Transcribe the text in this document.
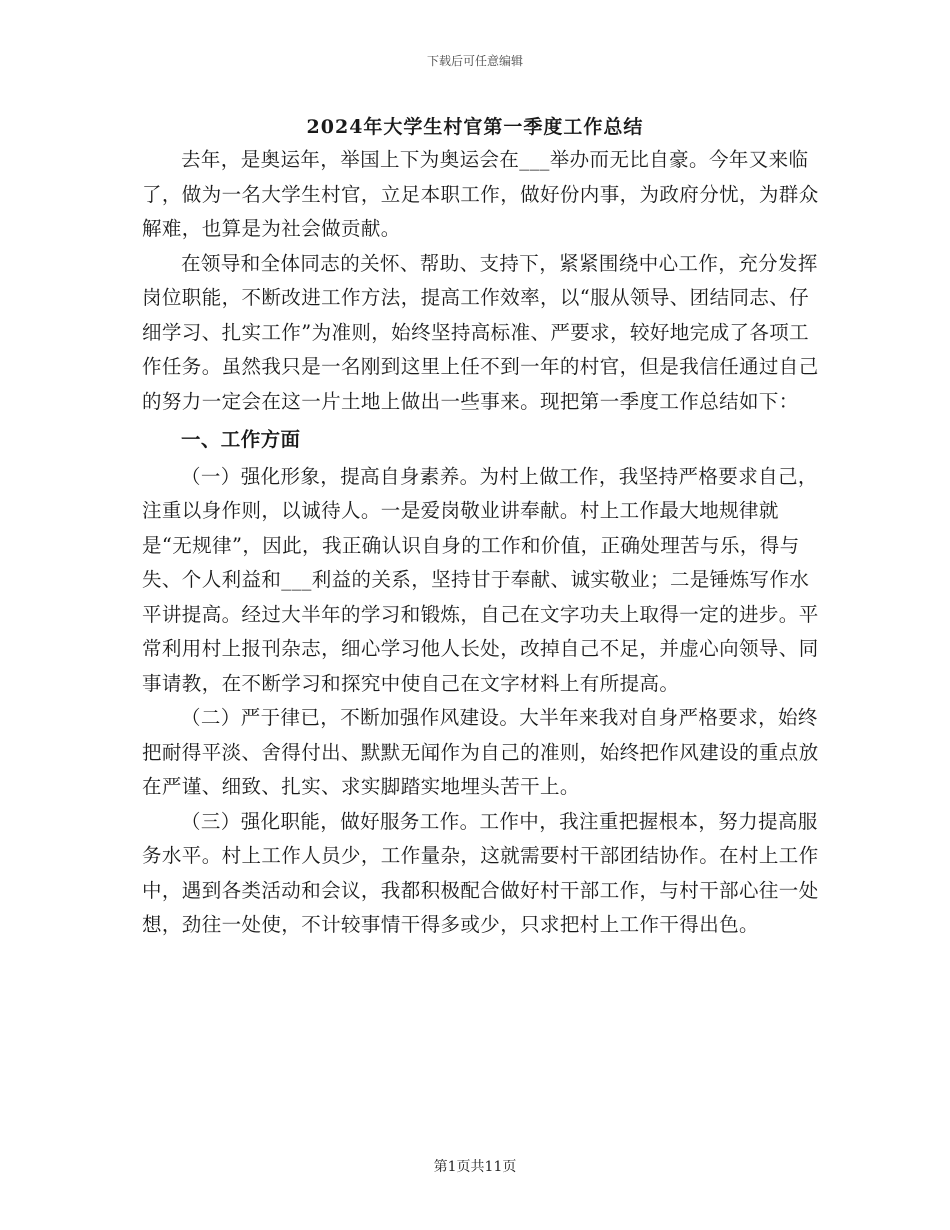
下载后可任意编辑
2024年大学生村官第一季度工作总结

去年，是奥运年，举国上下为奥运会在___举办而无比自豪。今年又来临了，做为一名大学生村官，立足本职工作，做好份内事，为政府分忧，为群众解难，也算是为社会做贡献。

在领导和全体同志的关怀、帮助、支持下，紧紧围绕中心工作，充分发挥岗位职能，不断改进工作方法，提高工作效率，以“服从领导、团结同志、仔细学习、扎实工作”为准则，始终坚持高标准、严要求，较好地完成了各项工作任务。虽然我只是一名刚到这里上任不到一年的村官，但是我信任通过自己的努力一定会在这一片土地上做出一些事来。现把第一季度工作总结如下：

一、工作方面

（一）强化形象，提高自身素养。为村上做工作，我坚持严格要求自己，注重以身作则，以诚待人。一是爱岗敬业讲奉献。村上工作最大地规律就是“无规律”，因此，我正确认识自身的工作和价值，正确处理苦与乐，得与失、个人利益和___利益的关系，坚持甘于奉献、诚实敬业；二是锤炼写作水平讲提高。经过大半年的学习和锻炼，自己在文字功夫上取得一定的进步。平常利用村上报刊杂志，细心学习他人长处，改掉自己不足，并虚心向领导、同事请教，在不断学习和探究中使自己在文字材料上有所提高。

（二）严于律已，不断加强作风建设。大半年来我对自身严格要求，始终把耐得平淡、舍得付出、默默无闻作为自己的准则，始终把作风建设的重点放在严谨、细致、扎实、求实脚踏实地埋头苦干上。

（三）强化职能，做好服务工作。工作中，我注重把握根本，努力提高服务水平。村上工作人员少，工作量杂，这就需要村干部团结协作。在村上工作中，遇到各类活动和会议，我都积极配合做好村干部工作，与村干部心往一处想，劲往一处使，不计较事情干得多或少，只求把村上工作干得出色。

第1页共11页
